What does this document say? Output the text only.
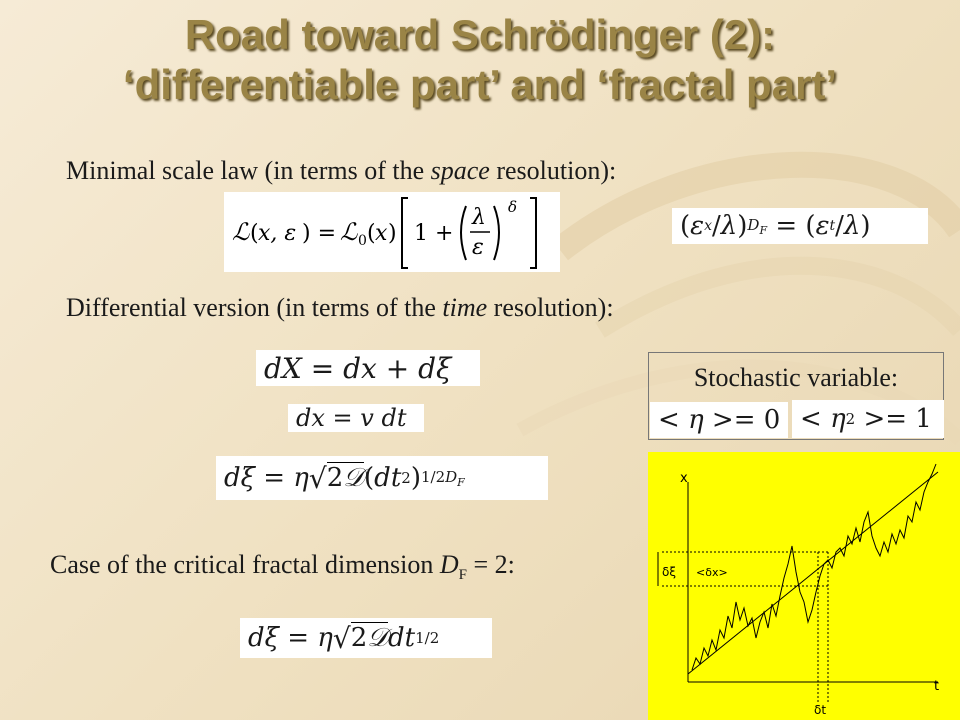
Road toward Schrödinger (2):
‘differentiable part’ and ‘fractal part’
Minimal scale law (in terms of the space resolution):
ℒ ( x, ε ) = ℒ 0 ( x ) 1 +
λ
ε
δ
( ε x / λ ) $D_F$ = ( ε t / λ )
Differential version (in terms of the time resolution):
dX = dx + dξ
dx = v dt
dξ = η √ 2𝒟 ( dt 2 ) $1/2D_F$
Stochastic variable:
< η >= 0 < η 2 >= 1
Case of the critical fractal dimension $D_F = 2$:
dξ = η √ 2𝒟 dt 1/2
x
t
δξ <δx>
δt
